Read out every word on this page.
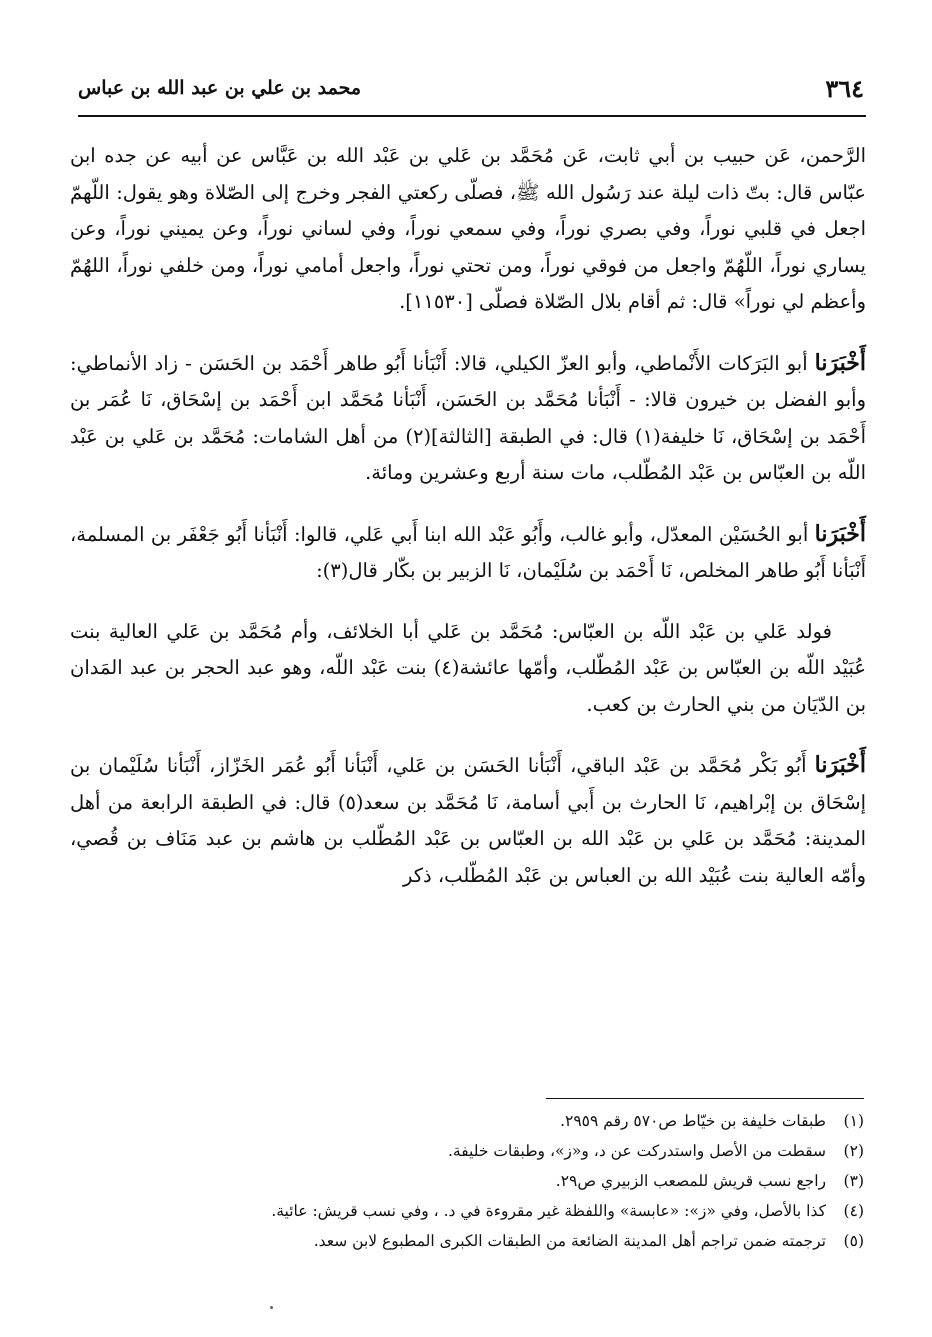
٣٦٤
محمد بن علي بن عبد الله بن عباس

الرَّحمن، عَن حبيب بن أبي ثابت، عَن مُحَمَّد بن عَلي بن عَبْد الله بن عَبَّاس عن أبيه عن جده ابن عبّاس قال: بتّ ذات ليلة عند رَسُول الله ﷺ، فصلّى ركعتي الفجر وخرج إلى الصّلاة وهو يقول: اللّهمّ اجعل في قلبي نوراً، وفي بصري نوراً، وفي سمعي نوراً، وفي لساني نوراً، وعن يميني نوراً، وعن يساري نوراً، اللّهُمّ واجعل من فوقي نوراً، ومن تحتي نوراً، واجعل أمامي نوراً، ومن خلفي نوراً، اللهُمّ وأعظم لي نوراً» قال: ثم أقام بلال الصّلاة فصلّى [١١٥٣٠].

أَخْبَرَنا أبو البَرَكات الأَنْماطي، وأبو العزّ الكيلي، قالا: أَنْبَأنا أَبُو طاهر أَحْمَد بن الحَسَن - زاد الأنماطي: وأبو الفضل بن خيرون قالا: - أَنْبَأنا مُحَمَّد بن الحَسَن، أَنْبَأنا مُحَمَّد ابن أَحْمَد بن إسْحَاق، نَا عُمَر بن أَحْمَد بن إسْحَاق، نَا خليفة(١) قال: في الطبقة [الثالثة](٢) من أهل الشامات: مُحَمَّد بن عَلي بن عَبْد اللّه بن العبّاس بن عَبْد المُطّلب، مات سنة أربع وعشرين ومائة.

أَخْبَرَنا أبو الحُسَيْن المعدّل، وأبو غالب، وأَبُو عَبْد الله ابنا أَبي عَلي، قالوا: أَنْبَأنا أَبُو جَعْفَر بن المسلمة، أَنْبَأنا أَبُو طاهر المخلص، نَا أَحْمَد بن سُلَيْمان، نَا الزبير بن بكّار قال(٣):

فولد عَلي بن عَبْد اللّه بن العبّاس: مُحَمَّد بن عَلي أبا الخلائف، وأم مُحَمَّد بن عَلي العالية بنت عُبَيْد اللّه بن العبّاس بن عَبْد المُطّلب، وأمّها عائشة(٤) بنت عَبْد اللّه، وهو عبد الحجر بن عبد المَدان بن الدّيَان من بني الحارث بن كعب.

أَخْبَرَنا أَبُو بَكْر مُحَمَّد بن عَبْد الباقي، أَنْبَأنا الحَسَن بن عَلي، أَنْبَأنا أَبُو عُمَر الخَزّاز، أَنْبَأنا سُلَيْمان بن إسْحَاق بن إبْراهيم، نَا الحارث بن أَبي أسامة، نَا مُحَمَّد بن سعد(٥) قال: في الطبقة الرابعة من أهل المدينة: مُحَمَّد بن عَلي بن عَبْد الله بن العبّاس بن عَبْد المُطّلب بن هاشم بن عبد مَنَاف بن قُصي، وأمّه العالية بنت عُبَيْد الله بن العباس بن عَبْد المُطّلب، ذكر

(١)
طبقات خليفة بن خيّاط ص٥٧٠ رقم ٢٩٥٩.
(٢)
سقطت من الأصل واستدركت عن د، و«ز»، وطبقات خليفة.
(٣)
راجع نسب قريش للمصعب الزبيري ص٢٩.
(٤)
كذا بالأصل، وفي «ز»: «عابسة» واللفظة غير مقروءة في د. ، وفي نسب قريش: عائية.
(٥)
ترجمته ضمن تراجم أهل المدينة الضائعة من الطبقات الكبرى المطبوع لابن سعد.
